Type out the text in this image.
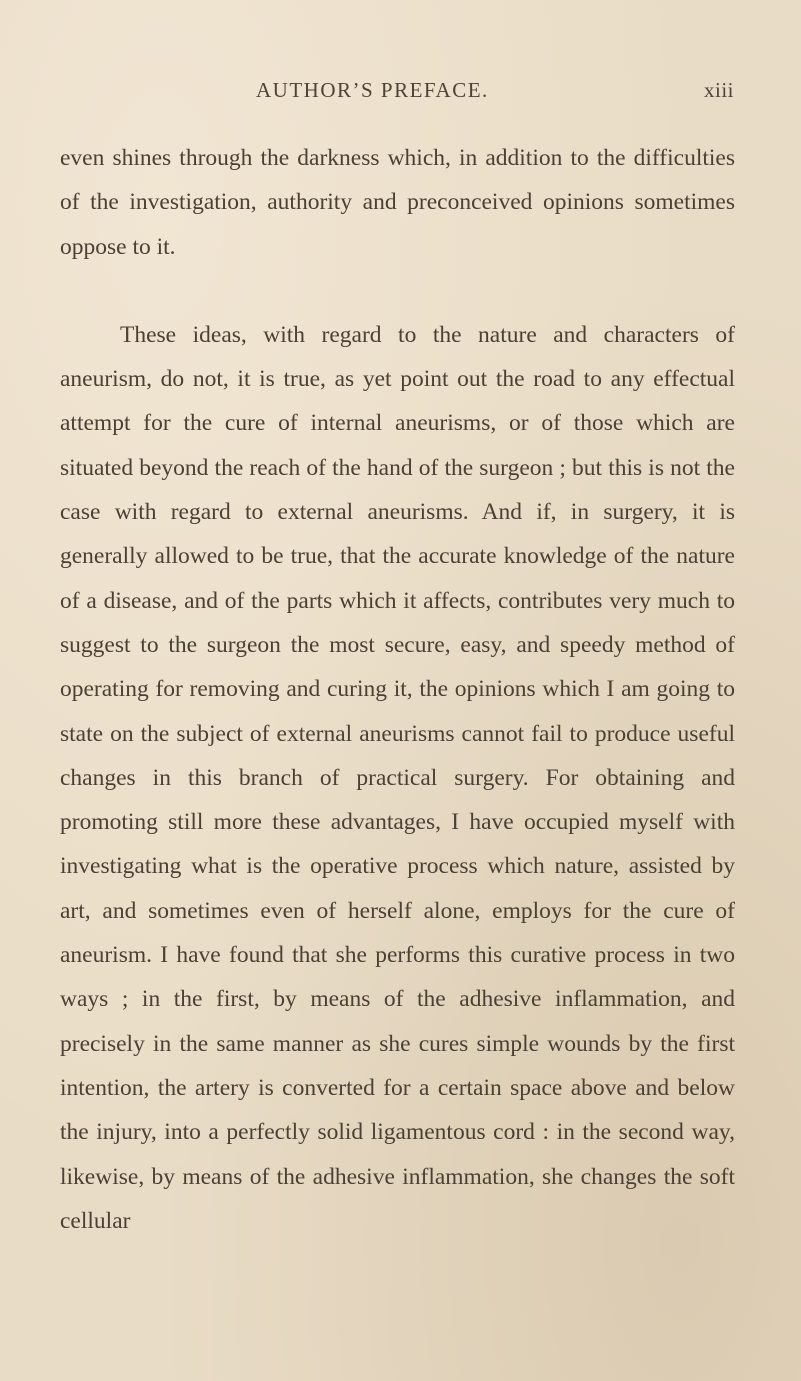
AUTHOR’S PREFACE.	xiii

even shines through the darkness which, in addition to the difficulties of the investigation, authority and preconceived opinions sometimes oppose to it.

These ideas, with regard to the nature and characters of aneurism, do not, it is true, as yet point out the road to any effectual attempt for the cure of internal aneurisms, or of those which are situated beyond the reach of the hand of the surgeon ; but this is not the case with regard to external aneurisms. And if, in surgery, it is generally allowed to be true, that the accurate knowledge of the nature of a disease, and of the parts which it affects, contributes very much to suggest to the surgeon the most secure, easy, and speedy method of operating for removing and curing it, the opinions which I am going to state on the subject of external aneurisms cannot fail to produce useful changes in this branch of practical surgery. For obtaining and promoting still more these advantages, I have occupied myself with investigating what is the operative process which nature, assisted by art, and sometimes even of herself alone, employs for the cure of aneurism. I have found that she performs this curative process in two ways ; in the first, by means of the adhesive inflammation, and precisely in the same manner as she cures simple wounds by the first intention, the artery is converted for a certain space above and below the injury, into a perfectly solid ligamentous cord : in the second way, likewise, by means of the adhesive inflammation, she changes the soft cellular
